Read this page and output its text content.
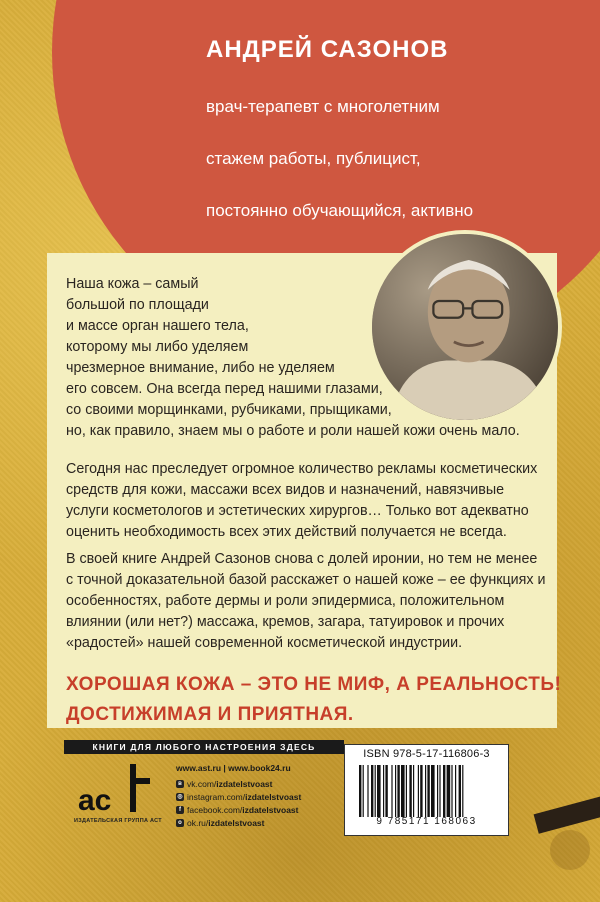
АНДРЕЙ САЗОНОВ

врач-терапевт с многолетним

стажем работы, публицист,

постоянно обучающийся, активно

Наша кожа – самый
большой по площади
и массе орган нашего тела,
которому мы либо уделяем
чрезмерное внимание, либо не уделяем
его совсем. Она всегда перед нашими глазами,
со своими морщинками, рубчиками, прыщиками,
но, как правило, знаем мы о работе и роли нашей кожи очень мало.
Сегодня нас преследует огромное количество рекламы косметических средств для кожи, массажи всех видов и назначений, навязчивые услуги косметологов и эстетических хирургов… Только вот адекватно оценить необходимость всех этих действий получается не всегда.
В своей книге Андрей Сазонов снова с долей иронии, но тем не менее с точной доказательной базой расскажет о нашей коже – ее функциях и особенностях, работе дермы и роли эпидермиса, положительном влиянии (или нет?) массажа, кремов, загара, татуировок и прочих «радостей» нашей современной косметической индустрии.
ХОРОШАЯ КОЖА – ЭТО НЕ МИФ, А РЕАЛЬНОСТЬ!
ДОСТИЖИМАЯ И ПРИЯТНАЯ.
КНИГИ ДЛЯ ЛЮБОГО НАСТРОЕНИЯ ЗДЕСЬ
ac
ИЗДАТЕЛЬСКАЯ ГРУППА АСТ
www.ast.ru | www.book24.ru
в vk.com/ izdatelstvoast
◎ instagram.com/ izdatelstvoast
f facebook.com/ izdatelstvoast
о ok.ru/ izdatelstvoast
ISBN 978-5-17-116806-3
9 785171 168063
